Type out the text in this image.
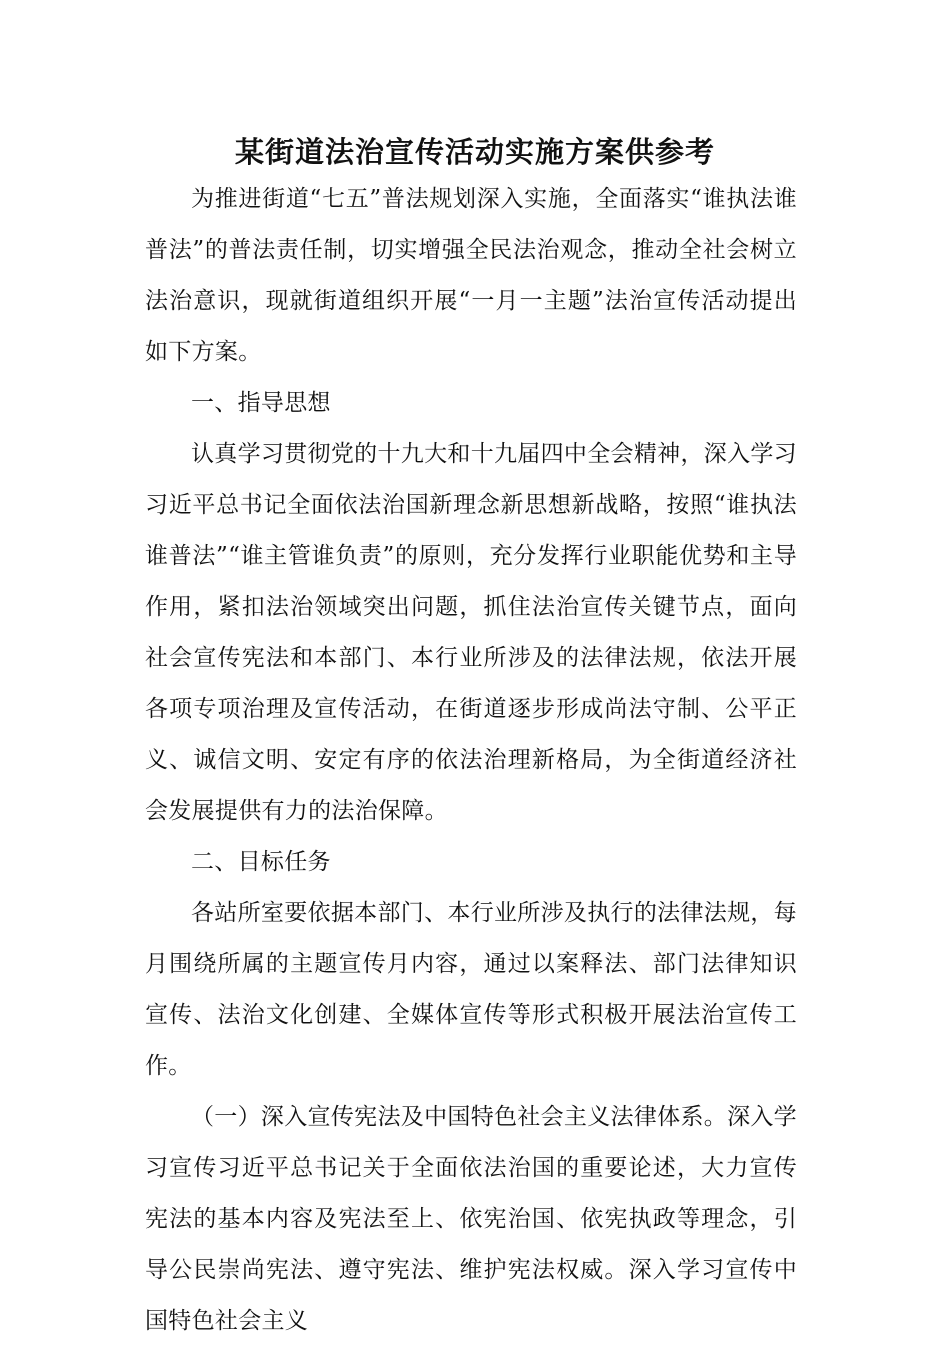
某街道法治宣传活动实施方案供参考

为推进街道“七五”普法规划深入实施，全面落实“谁执法谁普法”的普法责任制，切实增强全民法治观念，推动全社会树立法治意识，现就街道组织开展“一月一主题”法治宣传活动提出如下方案。

一、指导思想

认真学习贯彻党的十九大和十九届四中全会精神，深入学习习近平总书记全面依法治国新理念新思想新战略，按照“谁执法谁普法”“谁主管谁负责”的原则，充分发挥行业职能优势和主导作用，紧扣法治领域突出问题，抓住法治宣传关键节点，面向社会宣传宪法和本部门、本行业所涉及的法律法规，依法开展各项专项治理及宣传活动，在街道逐步形成尚法守制、公平正义、诚信文明、安定有序的依法治理新格局，为全街道经济社会发展提供有力的法治保障。

二、目标任务

各站所室要依据本部门、本行业所涉及执行的法律法规，每月围绕所属的主题宣传月内容，通过以案释法、部门法律知识宣传、法治文化创建、全媒体宣传等形式积极开展法治宣传工作。

（一）深入宣传宪法及中国特色社会主义法律体系。深入学习宣传习近平总书记关于全面依法治国的重要论述，大力宣传宪法的基本内容及宪法至上、依宪治国、依宪执政等理念，引导公民崇尚宪法、遵守宪法、维护宪法权威。深入学习宣传中国特色社会主义
